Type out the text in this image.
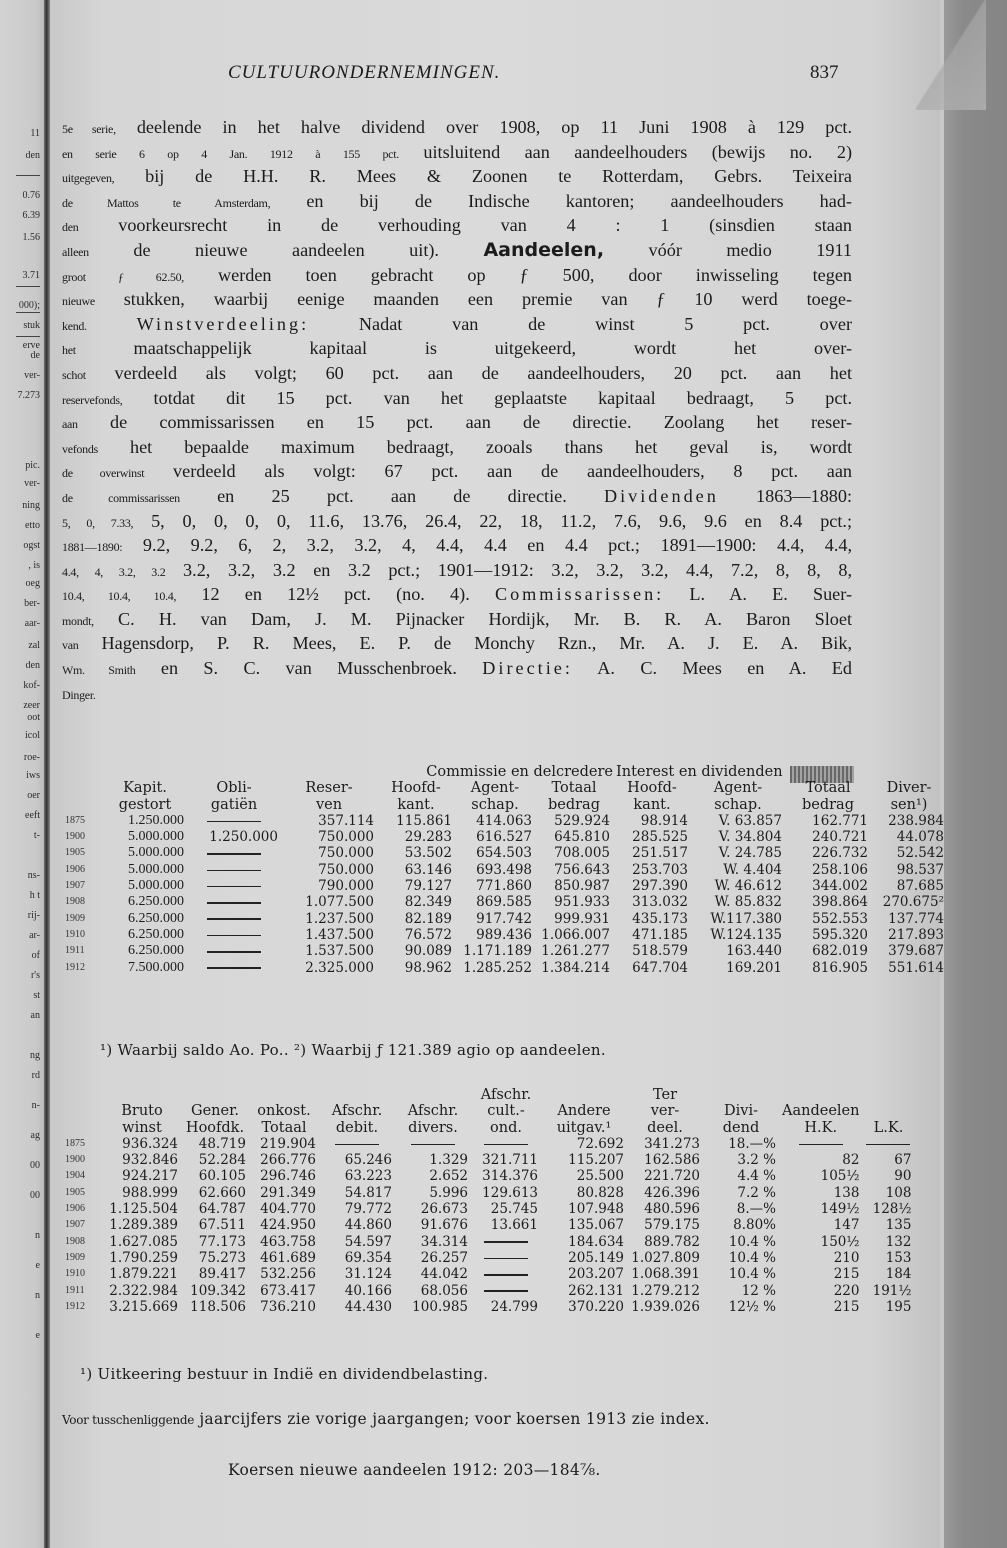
11
den
0.76
6.39
1.56
3.71
000);
stuk
erve
de
ver-
7.273
pic.
ver-
ning
etto
ogst
, is
oeg
ber-
aar-
zal
den
kof-
zeer
oot
icol
roe-
iws
oer
eeft
t-
ns-
h t
rij-
ar-
of
r's
st
an
ng
rd
n-
ag
00
00
n
e
n
e
CULTUURONDERNEMINGEN.	837
5e serie, deelende in het halve dividend over 1908, op 11 Juni 1908 à 129 pct.
en serie 6 op 4 Jan. 1912 à 155 pct. uitsluitend aan aandeelhouders (bewijs no. 2)
uitgegeven, bij de H.H. R. Mees & Zoonen te Rotterdam, Gebrs. Teixeira
de Mattos te Amsterdam, en bij de Indische kantoren; aandeelhouders had-
den voorkeursrecht in de verhouding van 4 : 1 (sinsdien staan
alleen de nieuwe aandeelen uit). Aandeelen, vóór medio 1911
groot ƒ 62.50, werden toen gebracht op ƒ 500, door inwisseling tegen
nieuwe stukken, waarbij eenige maanden een premie van ƒ 10 werd toege-
kend.	Winstverdeeling:	Nadat van de winst 5 pct. over
het	maatschappelijk kapitaal is uitgekeerd, wordt het over-
schot verdeeld als volgt; 60 pct. aan de aandeelhouders, 20 pct. aan het
reservefonds, totdat dit 15 pct. van het geplaatste kapitaal bedraagt, 5 pct.
aan de commissarissen en 15 pct. aan de directie. Zoolang het reser-
vefonds het bepaalde maximum bedraagt, zooals thans het geval is, wordt
de overwinst verdeeld als volgt: 67 pct. aan de aandeelhouders, 8 pct. aan
de commissarissen en 25 pct. aan de directie. Dividenden 1863—1880:
5, 0, 7.33, 5, 0, 0, 0, 0, 11.6, 13.76, 26.4, 22, 18, 11.2, 7.6, 9.6, 9.6 en 8.4 pct.;
1881—1890: 9.2, 9.2, 6, 2, 3.2, 3.2, 4, 4.4, 4.4 en 4.4 pct.; 1891—1900: 4.4, 4.4,
4.4, 4, 3.2, 3.2 3.2, 3.2, 3.2 en 3.2 pct.; 1901—1912: 3.2, 3.2, 3.2, 4.4, 7.2, 8, 8, 8,
10.4, 10.4, 10.4, 12 en 12½ pct. (no. 4). Commissarissen: L. A. E. Suer-
mondt, C. H. van Dam, J. M. Pijnacker Hordijk, Mr. B. R. A. Baron Sloet
van Hagensdorp, P. R. Mees, E. P. de Monchy Rzn., Mr. A. J. E. A. Bik,
Wm. Smith en S. C. van Musschenbroek. Directie: A. C. Mees en A. Ed
Dinger.
				Commissie en delcredere			Interest en dividenden			
	Kapit.	Obli-	Reser-	Hoofd-	Agent-	Totaal	Hoofd-	Agent-	Totaal	Diver-
	gestort	gatiën	ven	kant.	schap.	bedrag	kant.	schap.	bedrag	sen¹)
1875	1.250.000		357.114	115.861	414.063	529.924	98.914	V. 63.857	162.771	238.984
1900	5.000.000	1.250.000	750.000	29.283	616.527	645.810	285.525	V. 34.804	240.721	44.078
1905	5.000.000		750.000	53.502	654.503	708.005	251.517	V. 24.785	226.732	52.542
1906	5.000.000		750.000	63.146	693.498	756.643	253.703	W. 4.404	258.106	98.537
1907	5.000.000		790.000	79.127	771.860	850.987	297.390	W. 46.612	344.002	87.685
1908	6.250.000		1.077.500	82.349	869.585	951.933	313.032	W. 85.832	398.864	270.675²
1909	6.250.000		1.237.500	82.189	917.742	999.931	435.173	W.117.380	552.553	137.774
1910	6.250.000		1.437.500	76.572	989.436	1.066.007	471.185	W.124.135	595.320	217.893
1911	6.250.000		1.537.500	90.089	1.171.189	1.261.277	518.579	163.440	682.019	379.687
1912	7.500.000		2.325.000	98.962	1.285.252	1.384.214	647.704	169.201	816.905	551.614
¹) Waarbij saldo Ao. Po.. ²) Waarbij ƒ 121.389 agio op aandeelen.
						Afschr.		Ter			
	Bruto	Gener.	onkost.	Afschr.	Afschr.	cult.-	Andere	ver-	Divi-	Aandeelen	
	winst	Hoofdk.	Totaal	debit.	divers.	ond.	uitgav.¹	deel.	dend	H.K.	L.K.
1875	936.324	48.719	219.904				72.692	341.273	18.—%		
1900	932.846	52.284	266.776	65.246	1.329	321.711	115.207	162.586	3.2 %	82	67
1904	924.217	60.105	296.746	63.223	2.652	314.376	25.500	221.720	4.4 %	105½	90
1905	988.999	62.660	291.349	54.817	5.996	129.613	80.828	426.396	7.2 %	138	108
1906	1.125.504	64.787	404.770	79.772	26.673	25.745	107.948	480.596	8.—%	149½	128½
1907	1.289.389	67.511	424.950	44.860	91.676	13.661	135.067	579.175	8.80%	147	135
1908	1.627.085	77.173	463.758	54.597	34.314		184.634	889.782	10.4 %	150½	132
1909	1.790.259	75.273	461.689	69.354	26.257		205.149	1.027.809	10.4 %	210	153
1910	1.879.221	89.417	532.256	31.124	44.042		203.207	1.068.391	10.4 %	215	184
1911	2.322.984	109.342	673.417	40.166	68.056		262.131	1.279.212	12 %	220	191½
1912	3.215.669	118.506	736.210	44.430	100.985	24.799	370.220	1.939.026	12½ %	215	195
¹) Uitkeering bestuur in Indië en dividendbelasting.
Voor tusschenliggende jaarcijfers zie vorige jaargangen; voor koersen 1913 zie index.
Koersen nieuwe aandeelen 1912: 203—184⅞.
